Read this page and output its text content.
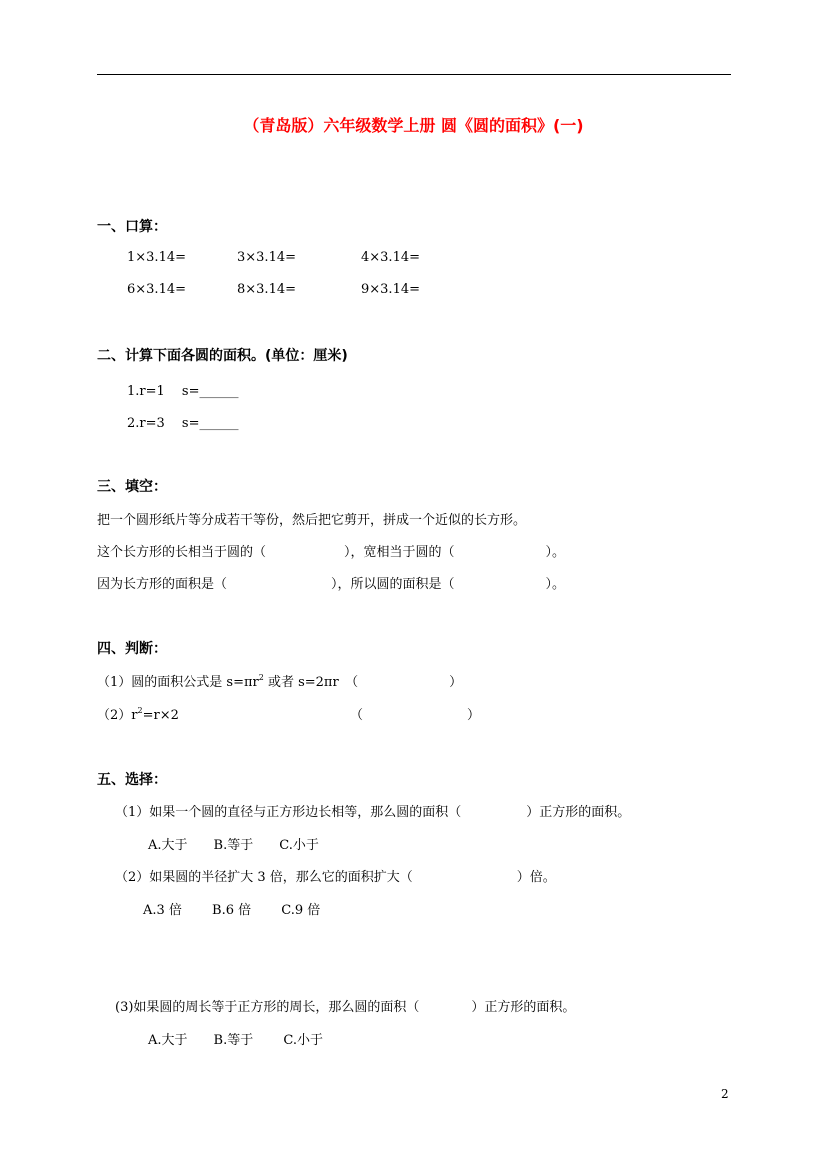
（青岛版）六年级数学上册 圆《圆的面积》(一)
一、口算：
1×3.14=	3×3.14=	4×3.14=
6×3.14=	8×3.14=	9×3.14=
二、计算下面各圆的面积。(单位：厘米)
1.r=1　 s=______
2.r=3　 s=______
三、填空：
把一个圆形纸片等分成若干等份，然后把它剪开，拼成一个近似的长方形。
这个长方形的长相当于圆的（　　　　　　），宽相当于圆的（　　　　　　　）。
因为长方形的面积是（　　　　　　　　），所以圆的面积是（　　　　　　　）。
四、判断：
（1）圆的面积公式是 $s=\pi r^2$ 或者 s=2πr　（　　　　　　　）
$(2)r^2=r\times 2$	（　　　　　　　　）
五、选择：
（1）如果一个圆的直径与正方形边长相等，那么圆的面积（　　　　　）正方形的面积。
A.大于　　B.等于　　C.小于
（2）如果圆的半径扩大 3 倍，那么它的面积扩大（　　　　　　　　）倍。
A.3 倍　　 B.6 倍　　 C.9 倍
(3)如果圆的周长等于正方形的周长，那么圆的面积（　　　　）正方形的面积。
A.大于　　B.等于　　 C.小于
2
